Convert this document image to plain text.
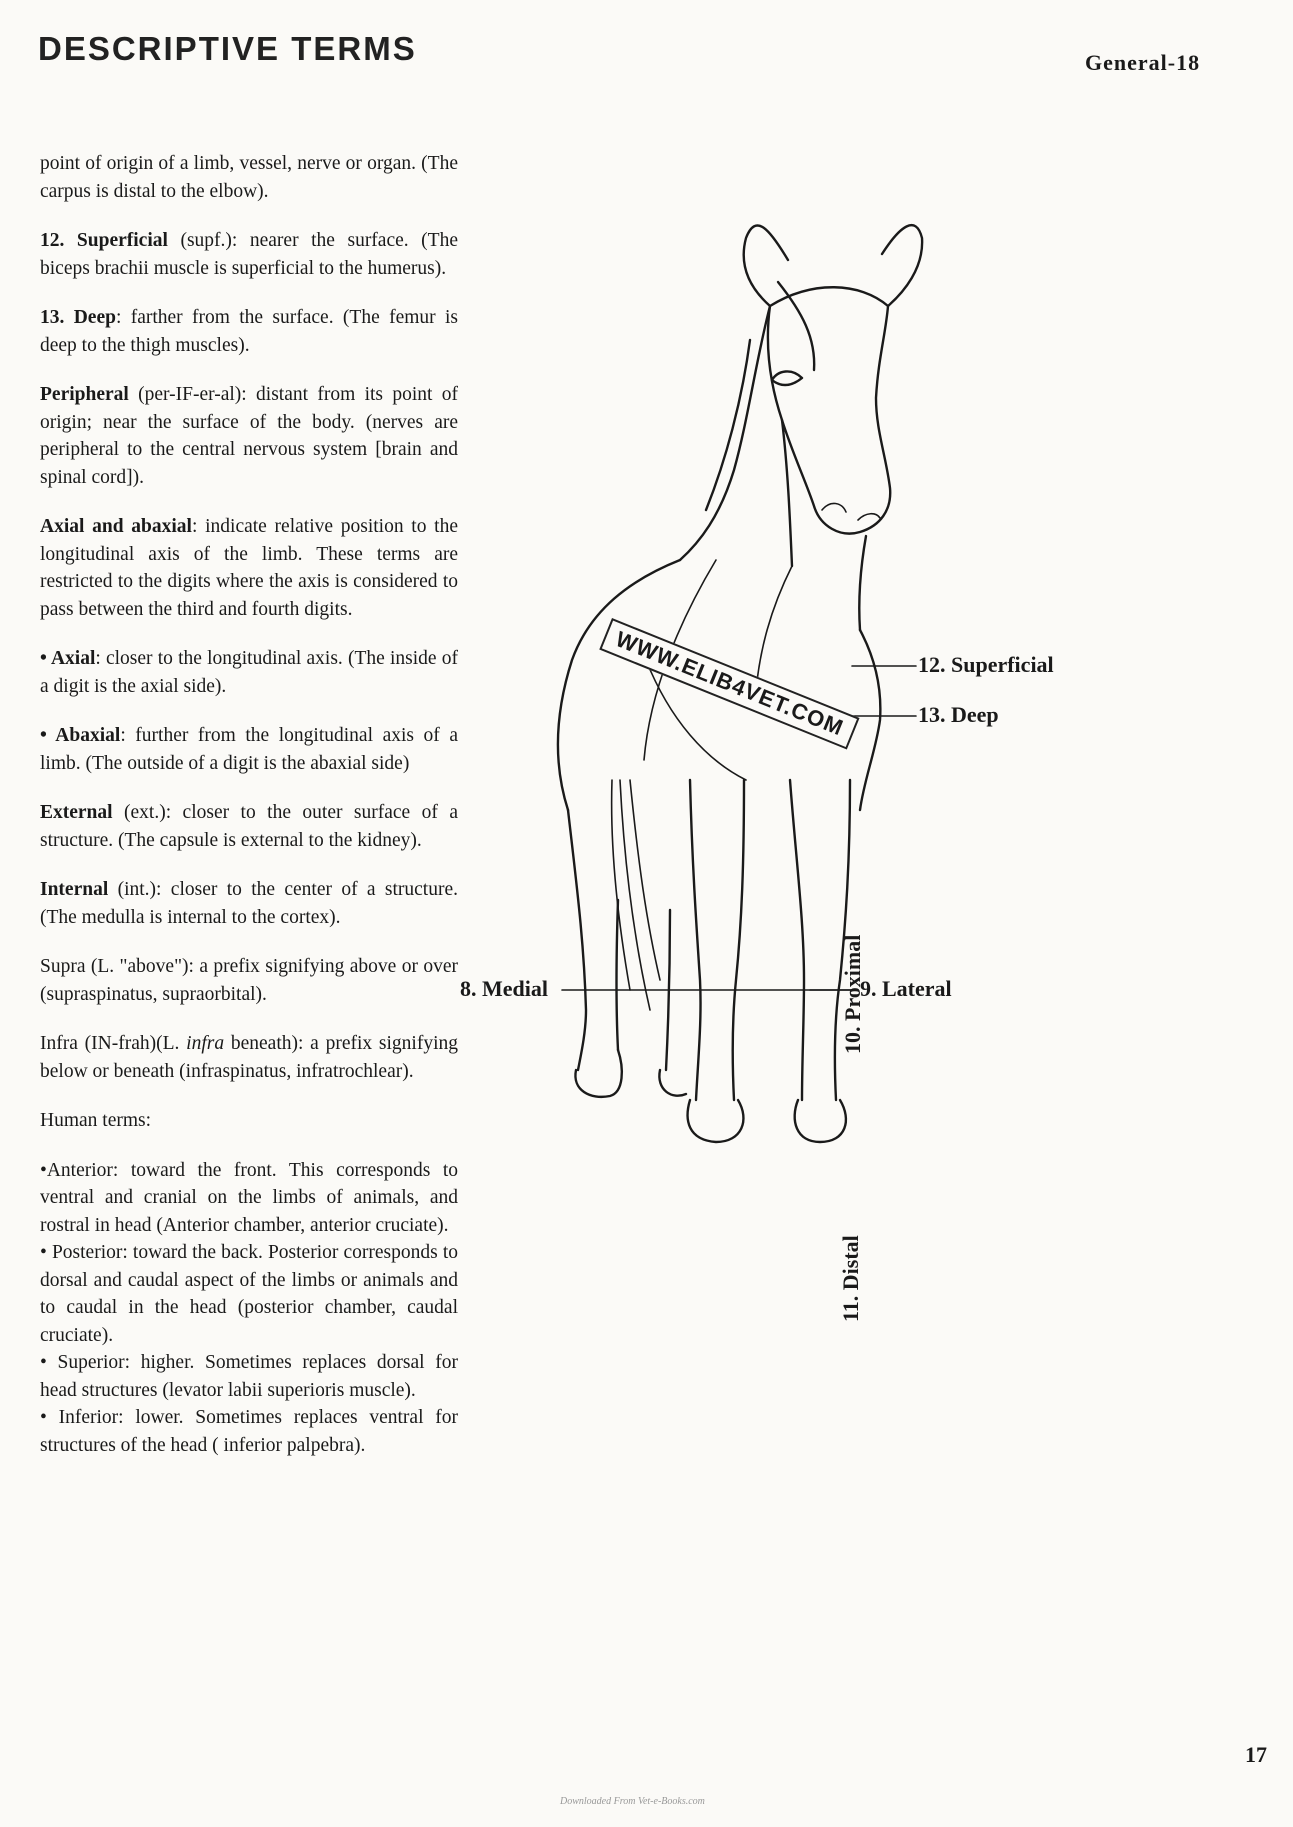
DESCRIPTIVE TERMS	General-18

point of origin of a limb, vessel, nerve or organ. (The carpus is distal to the elbow).

12. Superficial (supf.): nearer the surface. (The biceps brachii muscle is superficial to the humerus).

13. Deep: farther from the surface. (The femur is deep to the thigh muscles).

Peripheral (per-IF-er-al): distant from its point of origin; near the surface of the body. (nerves are peripheral to the central nervous system [brain and spinal cord]).

Axial and abaxial: indicate relative position to the longitudinal axis of the limb. These terms are restricted to the digits where the axis is considered to pass between the third and fourth digits.

• Axial: closer to the longitudinal axis. (The inside of a digit is the axial side).

• Abaxial: further from the longitudinal axis of a limb. (The outside of a digit is the abaxial side)

External (ext.): closer to the outer surface of a structure. (The capsule is external to the kidney).

Internal (int.): closer to the center of a structure. (The medulla is internal to the cortex).

Supra (L. "above"): a prefix signifying above or over (supraspinatus, supraorbital).

Infra (IN-frah)(L. infra beneath): a prefix signifying below or beneath (infraspinatus, infratrochlear).

Human terms:

•Anterior: toward the front. This corresponds to ventral and cranial on the limbs of animals, and rostral in head (Anterior chamber, anterior cruciate).

• Posterior: toward the back. Posterior corresponds to dorsal and caudal aspect of the limbs or animals and to caudal in the head (posterior chamber, caudal cruciate).

• Superior: higher. Sometimes replaces dorsal for head structures (levator labii superioris muscle).

• Inferior: lower. Sometimes replaces ventral for structures of the head ( inferior palpebra).

WWW.ELIB4VET.COM	12. Superficial
13. Deep
10. Proximal
8. Medial	9. Lateral
11. Distal
17
Downloaded From Vet-e-Books.com
